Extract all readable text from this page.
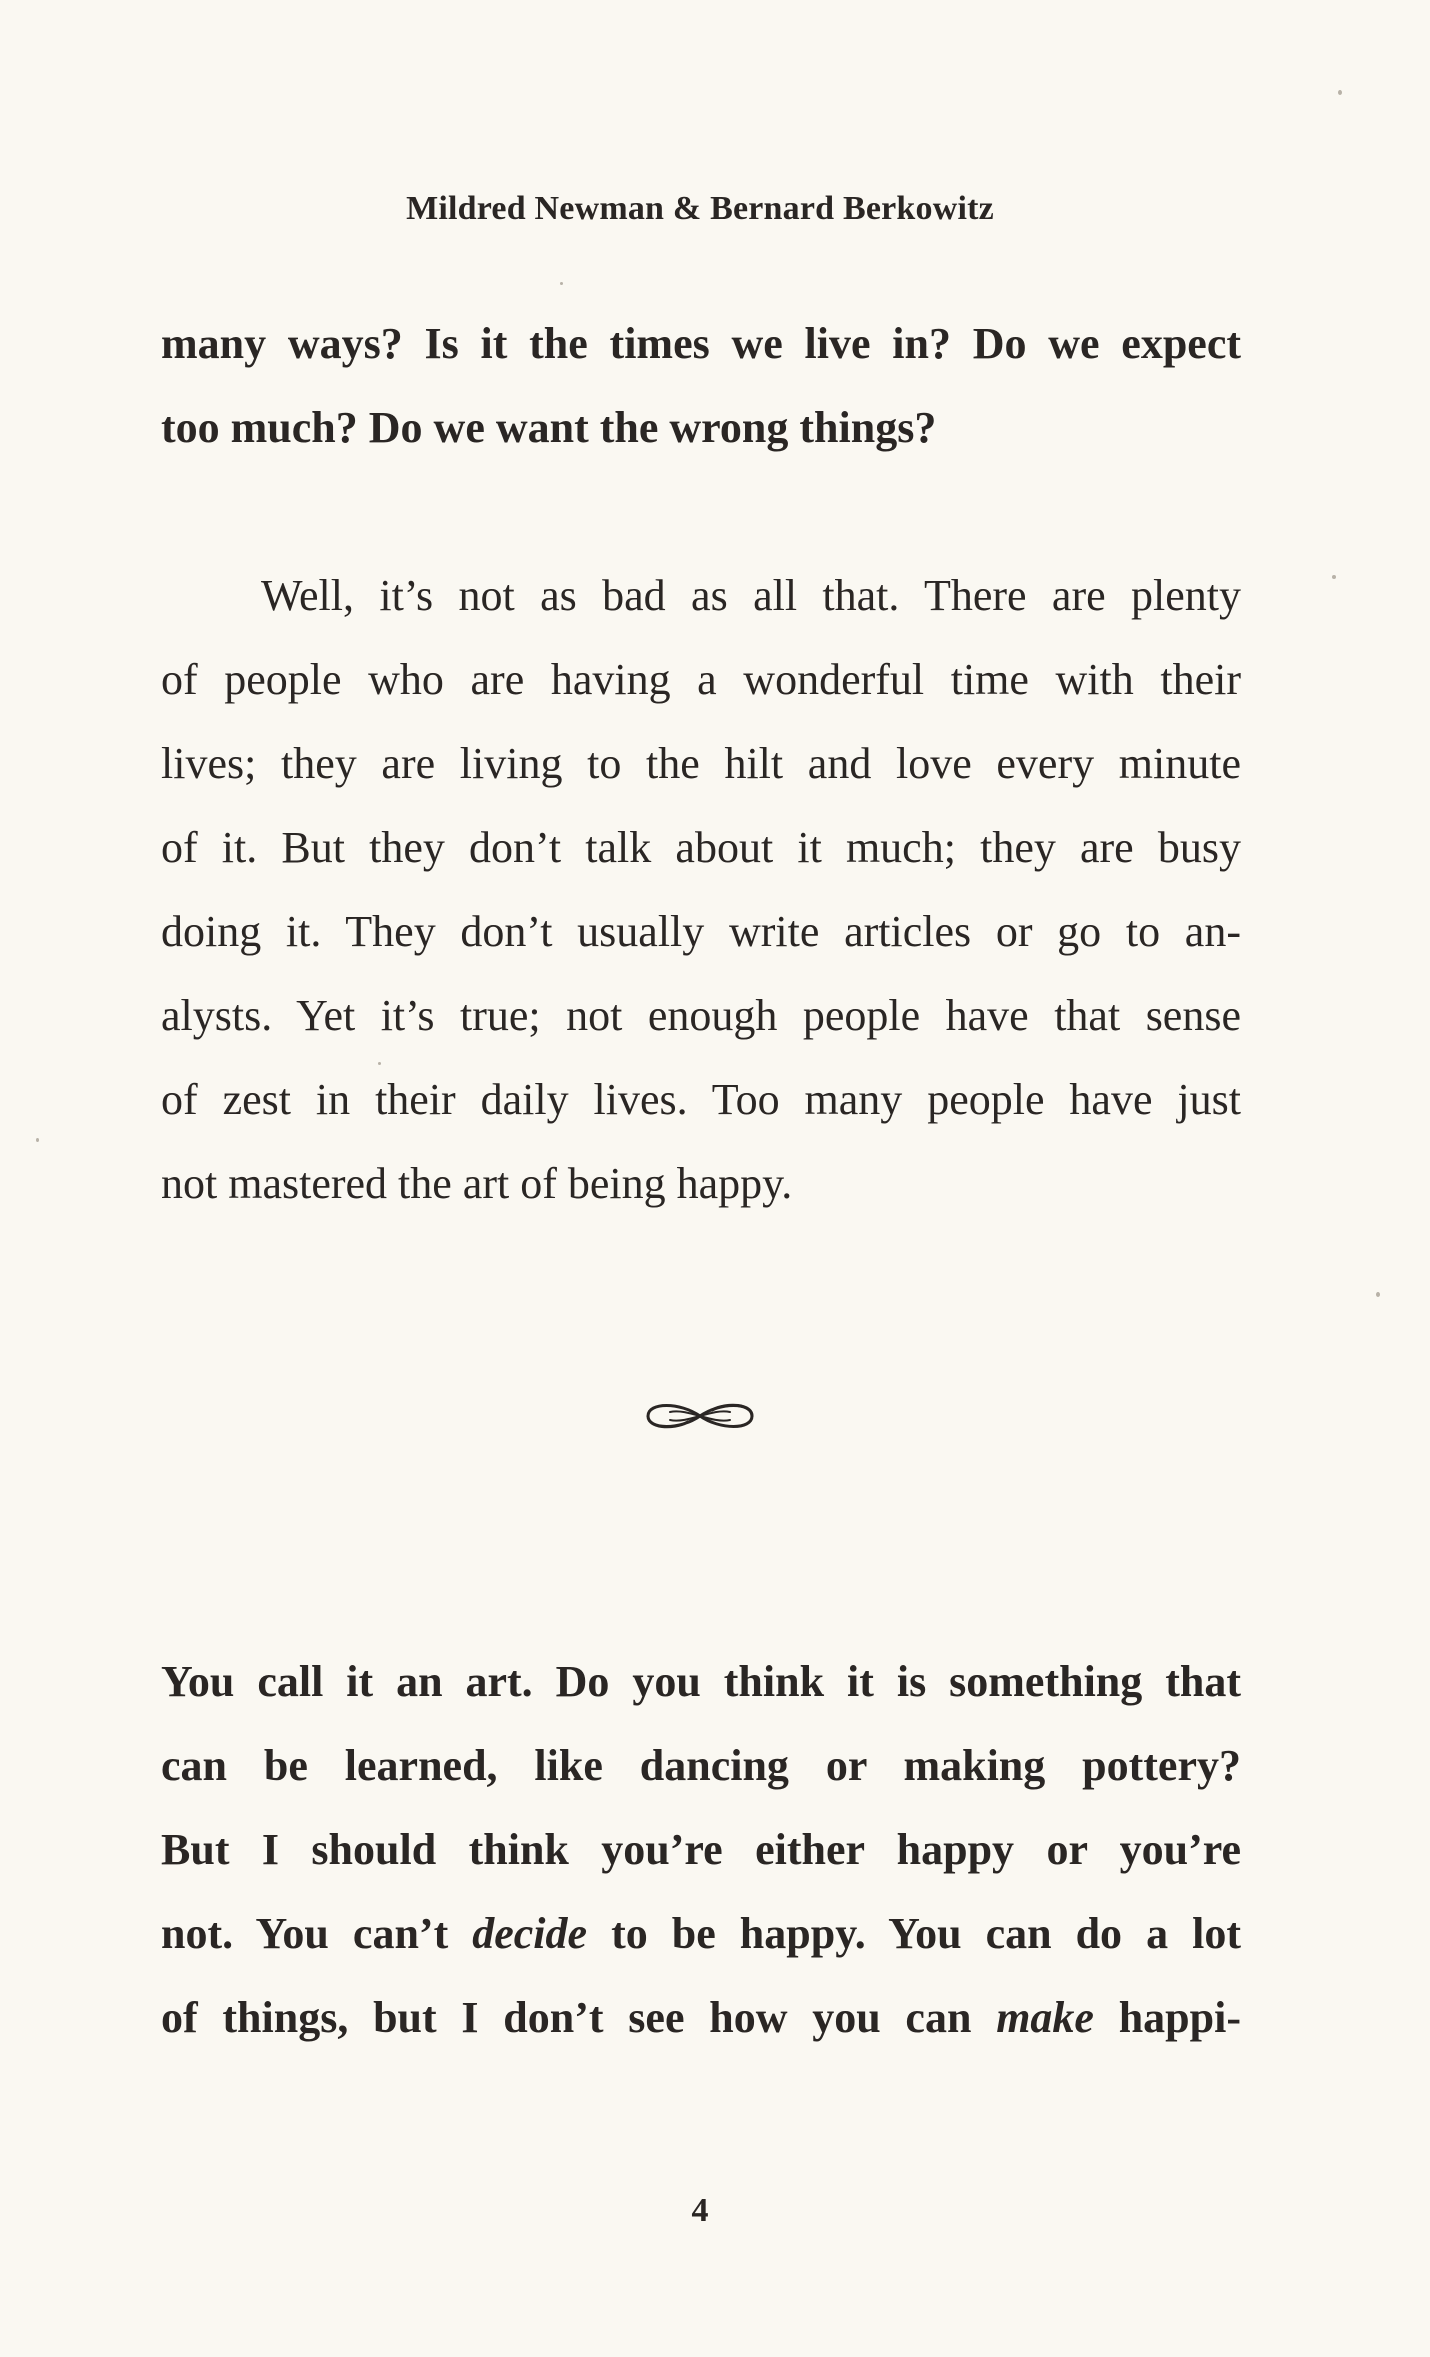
Mildred Newman & Bernard Berkowitz
many ways? Is it the times we live in? Do we expect
too much? Do we want the wrong things?
Well, it’s not as bad as all that. There are plenty
of people who are having a wonderful time with their
lives; they are living to the hilt and love every minute
of it. But they don’t talk about it much; they are busy
doing it. They don’t usually write articles or go to an-
alysts. Yet it’s true; not enough people have that sense
of zest in their daily lives. Too many people have just
not mastered the art of being happy.
You call it an art. Do you think it is something that
can be learned, like dancing or making pottery?
But I should think you’re either happy or you’re
not. You can’t decide to be happy. You can do a lot
of things, but I don’t see how you can make happi-
4
